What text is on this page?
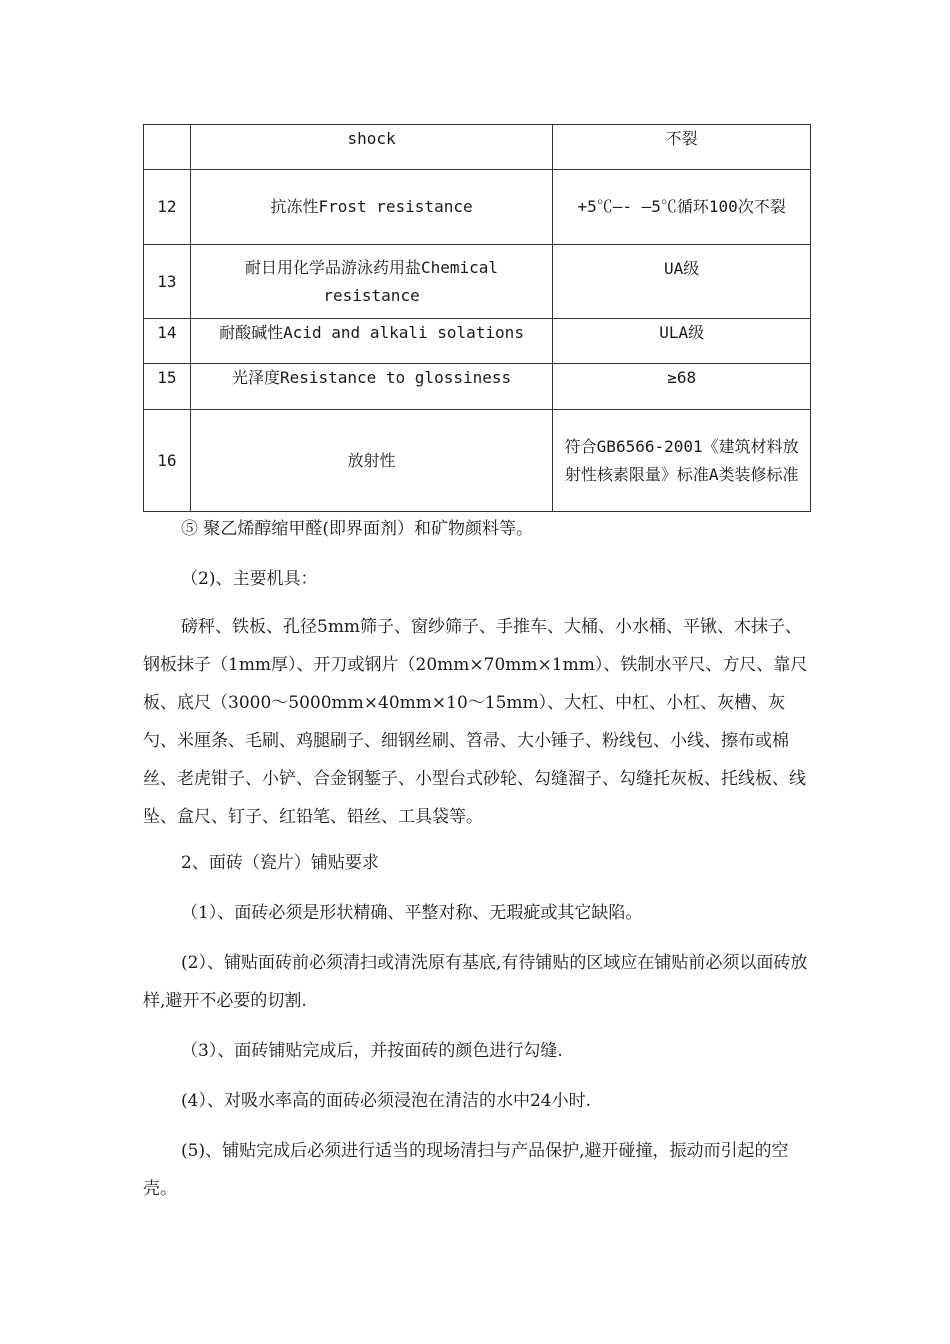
	shock	不裂
12	抗冻性Frost resistance	+5℃—- —5℃循环100次不裂
13	耐日用化学品游泳药用盐Chemical resistance	UA级
14	耐酸碱性Acid and alkali solations	ULA级
15	光泽度Resistance to glossiness	≥68
16	放射性	符合GB6566-2001《建筑材料放射性核素限量》标准A类装修标准

⑤ 聚乙烯醇缩甲醛(即界面剂）和矿物颜料等。

（2)、主要机具：

磅秤、铁板、孔径5mm筛子、窗纱筛子、手推车、大桶、小水桶、平锹、木抹子、钢板抹子（1mm厚）、开刀或钢片（20mm×70mm×1mm）、铁制水平尺、方尺、靠尺板、底尺（3000～5000mm×40mm×10～15mm）、大杠、中杠、小杠、灰槽、灰勺、米厘条、毛刷、鸡腿刷子、细钢丝刷、笤帚、大小锤子、粉线包、小线、擦布或棉丝、老虎钳子、小铲、合金钢錾子、小型台式砂轮、勾缝溜子、勾缝托灰板、托线板、线坠、盒尺、钉子、红铅笔、铅丝、工具袋等。

2、面砖（瓷片）铺贴要求

（1）、面砖必须是形状精确、平整对称、无瑕疵或其它缺陷。

(2）、铺贴面砖前必须清扫或清洗原有基底,有待铺贴的区域应在铺贴前必须以面砖放样,避开不必要的切割.

（3）、面砖铺贴完成后，并按面砖的颜色进行勾缝.

(4）、对吸水率高的面砖必须浸泡在清洁的水中24小时.

(5)、铺贴完成后必须进行适当的现场清扫与产品保护,避开碰撞，振动而引起的空壳。
